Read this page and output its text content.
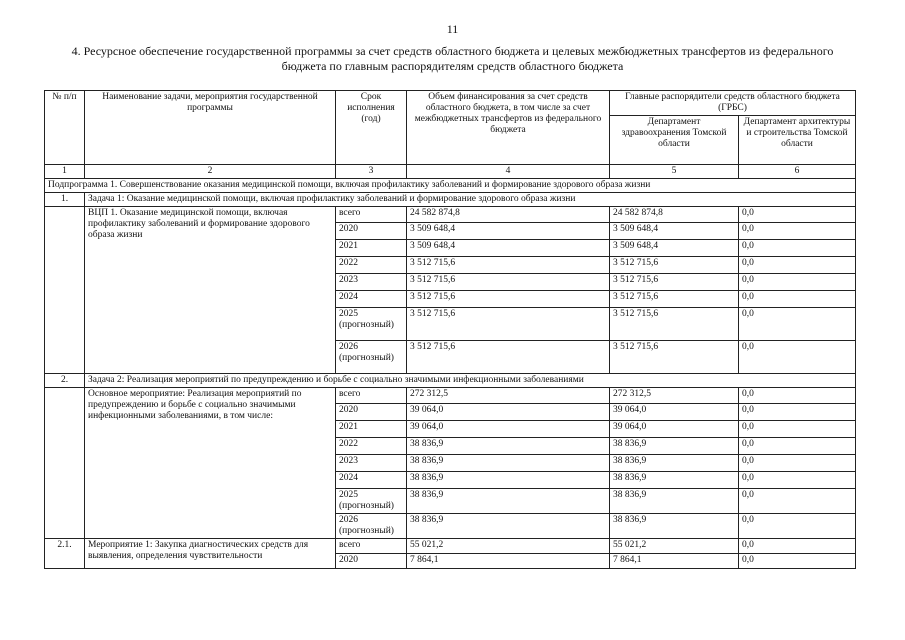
11
4. Ресурсное обеспечение государственной программы за счет средств областного бюджета и целевых межбюджетных трансфертов из федерального бюджета по главным распорядителям средств областного бюджета
№ п/п	Наименование задачи, мероприятия государственной программы	Срок исполнения (год)	Объем финансирования за счет средств областного бюджета, в том числе за счет межбюджетных трансфертов из федерального бюджета	Главные распорядители средств областного бюджета (ГРБС)	
				Департамент здравоохранения Томской области	Департамент архитектуры и строительства Томской области
1	2	3	4	5	6
Подпрограмма 1. Совершенствование оказания медицинской помощи, включая профилактику заболеваний и формирование здорового образа жизни					
1.	Задача 1: Оказание медицинской помощи, включая профилактику заболеваний и формирование здорового образа жизни				
	ВЦП 1. Оказание медицинской помощи, включая профилактику заболеваний и формирование здорового образа жизни	всего	24 582 874,8	24 582 874,8	0,0
		2020	3 509 648,4	3 509 648,4	0,0
		2021	3 509 648,4	3 509 648,4	0,0
		2022	3 512 715,6	3 512 715,6	0,0
		2023	3 512 715,6	3 512 715,6	0,0
		2024	3 512 715,6	3 512 715,6	0,0
		2025 (прогнозный)	3 512 715,6	3 512 715,6	0,0
		2026 (прогнозный)	3 512 715,6	3 512 715,6	0,0
2.	Задача 2: Реализация мероприятий по предупреждению и борьбе с социально значимыми инфекционными заболеваниями				
	Основное мероприятие: Реализация мероприятий по предупреждению и борьбе с социально значимыми инфекционными заболеваниями, в том числе:	всего	272 312,5	272 312,5	0,0
		2020	39 064,0	39 064,0	0,0
		2021	39 064,0	39 064,0	0,0
		2022	38 836,9	38 836,9	0,0
		2023	38 836,9	38 836,9	0,0
		2024	38 836,9	38 836,9	0,0
		2025 (прогнозный)	38 836,9	38 836,9	0,0
		2026 (прогнозный)	38 836,9	38 836,9	0,0
2.1.	Мероприятие 1: Закупка диагностических средств для выявления, определения чувствительности	всего	55 021,2	55 021,2	0,0
		2020	7 864,1	7 864,1	0,0
